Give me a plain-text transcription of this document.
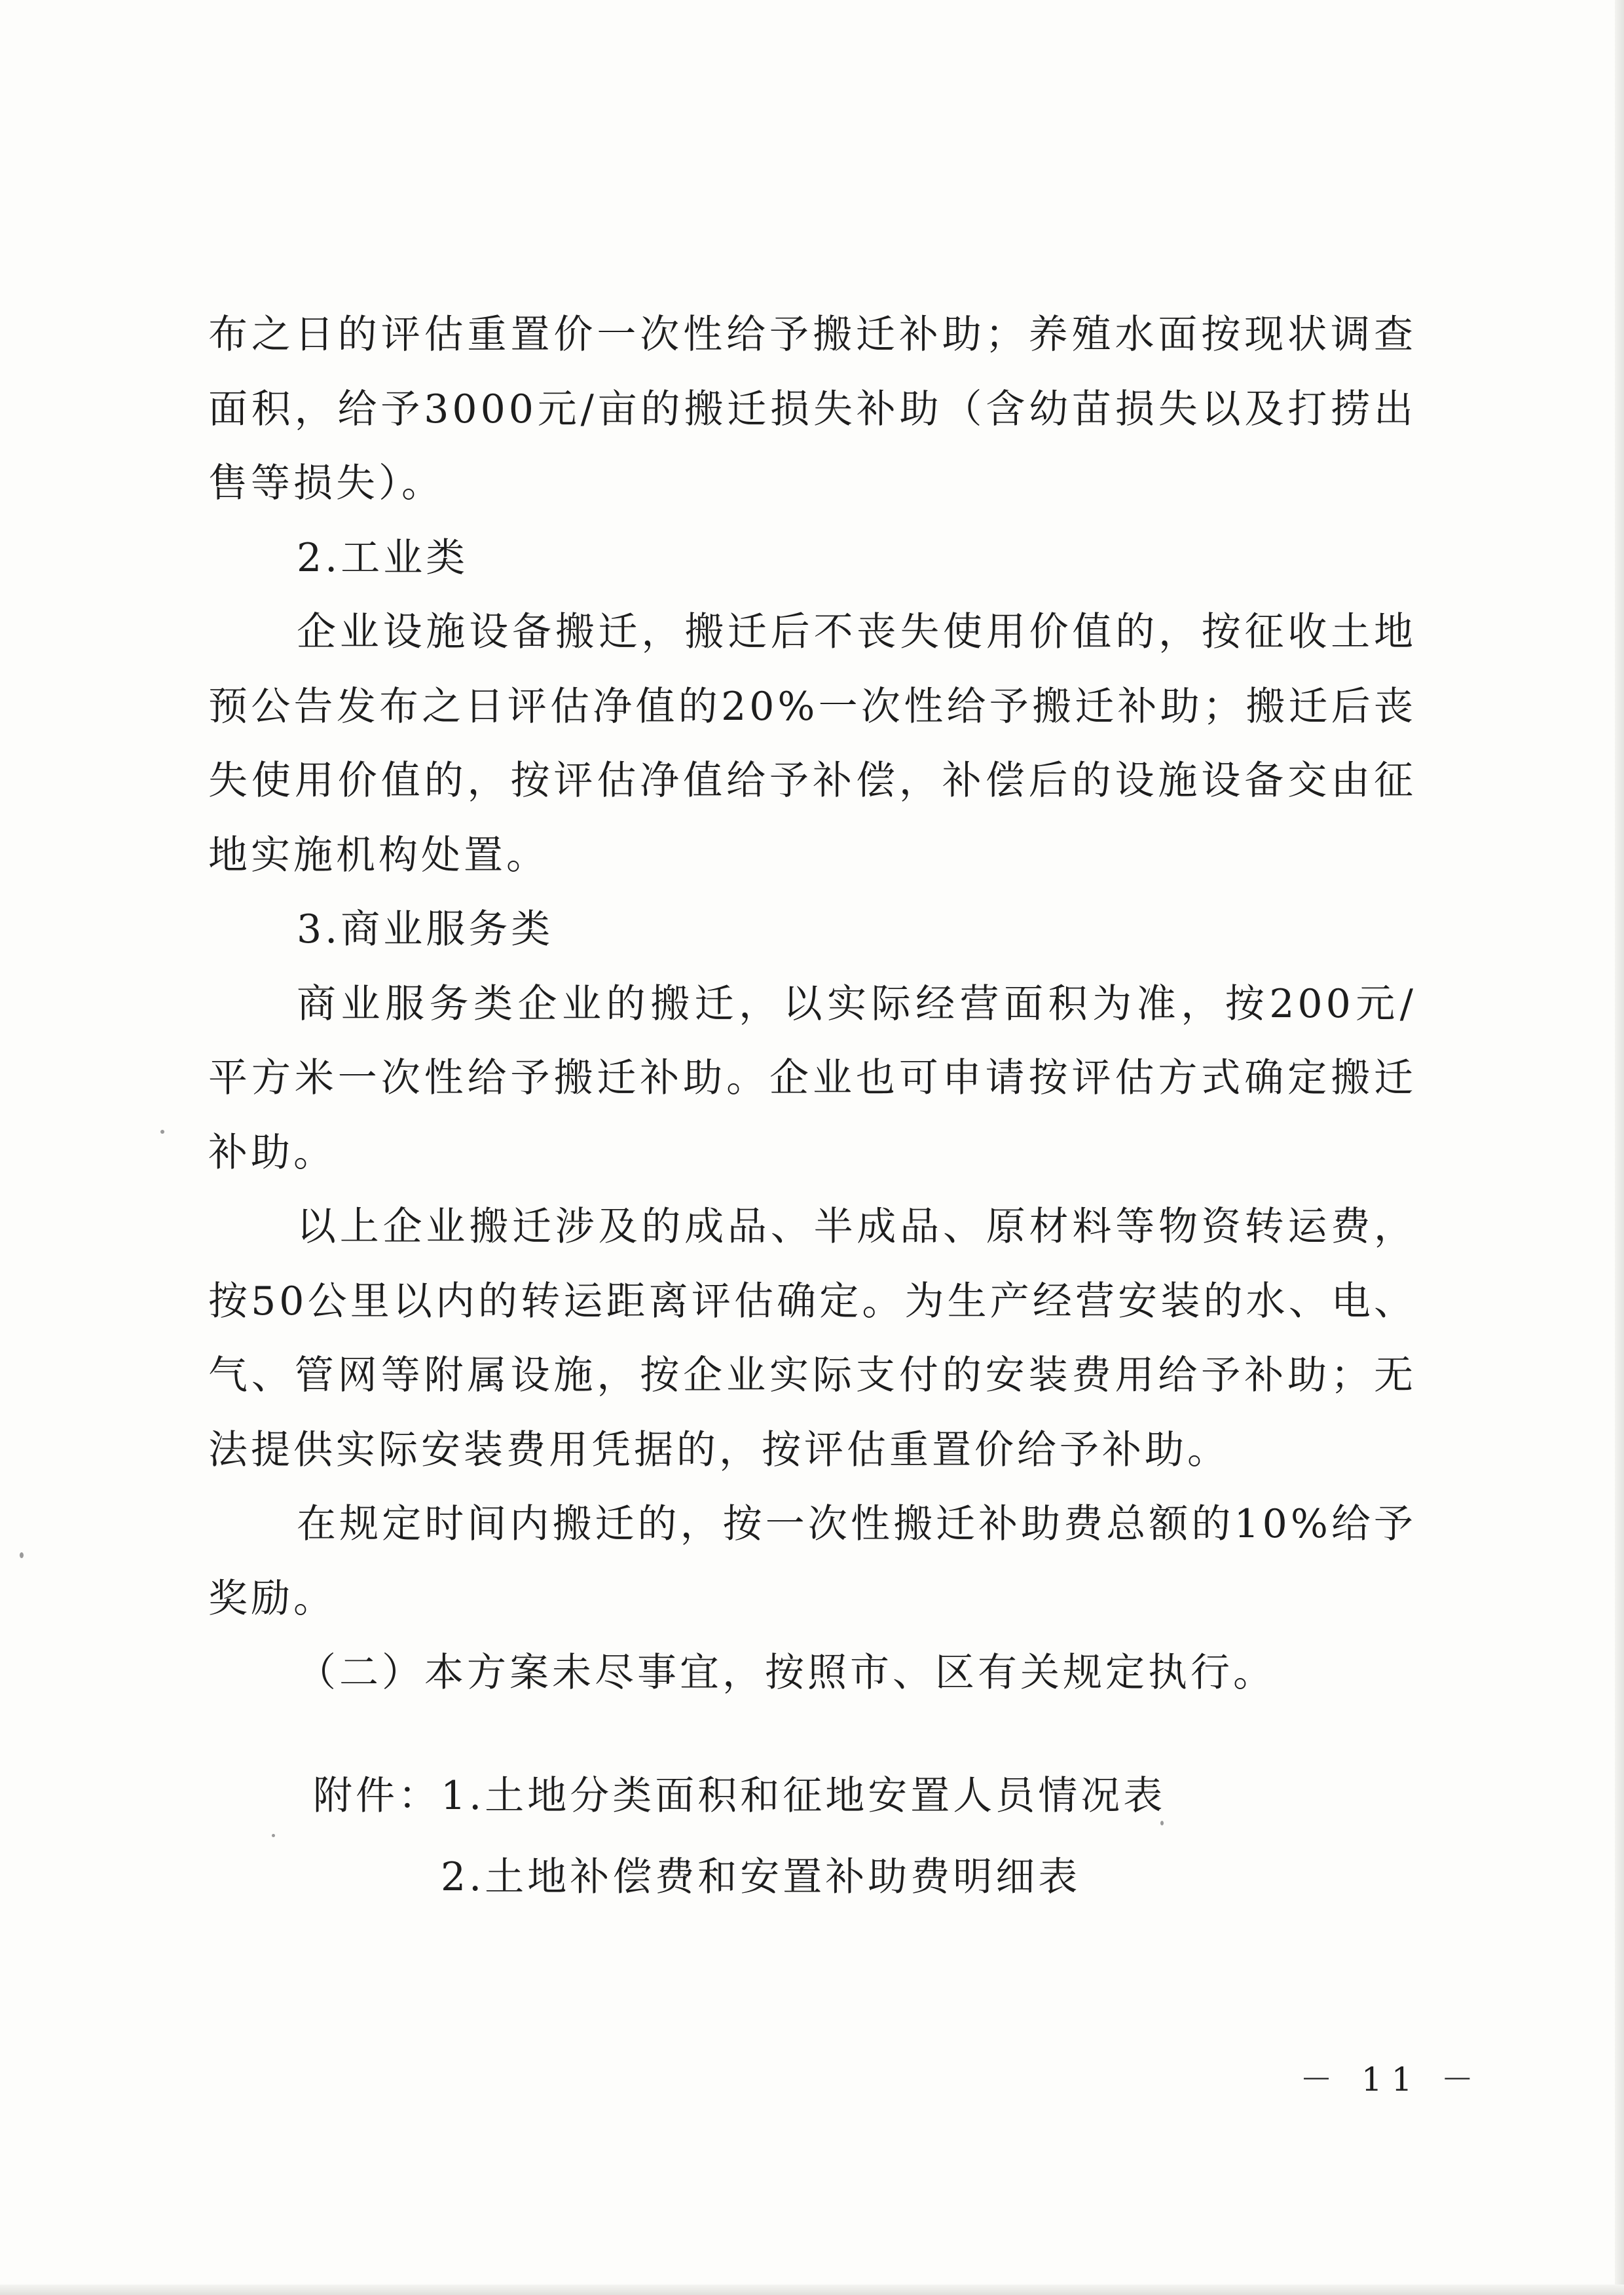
布之日的评估重置价一次性给予搬迁补助；养殖水面按现状调查面积，给予3000元/亩的搬迁损失补助（含幼苗损失以及打捞出售等损失）。

2.工业类

企业设施设备搬迁，搬迁后不丧失使用价值的，按征收土地预公告发布之日评估净值的20%一次性给予搬迁补助；搬迁后丧失使用价值的，按评估净值给予补偿，补偿后的设施设备交由征地实施机构处置。

3.商业服务类

商业服务类企业的搬迁，以实际经营面积为准，按200元/平方米一次性给予搬迁补助。企业也可申请按评估方式确定搬迁补助。

以上企业搬迁涉及的成品、半成品、原材料等物资转运费，按50公里以内的转运距离评估确定。为生产经营安装的水、电、气、管网等附属设施，按企业实际支付的安装费用给予补助；无法提供实际安装费用凭据的，按评估重置价给予补助。

在规定时间内搬迁的，按一次性搬迁补助费总额的10%给予奖励。

（二）本方案未尽事宜，按照市、区有关规定执行。

附件： 1.土地分类面积和征地安置人员情况表
2.土地补偿费和安置补助费明细表
－ 11 －
